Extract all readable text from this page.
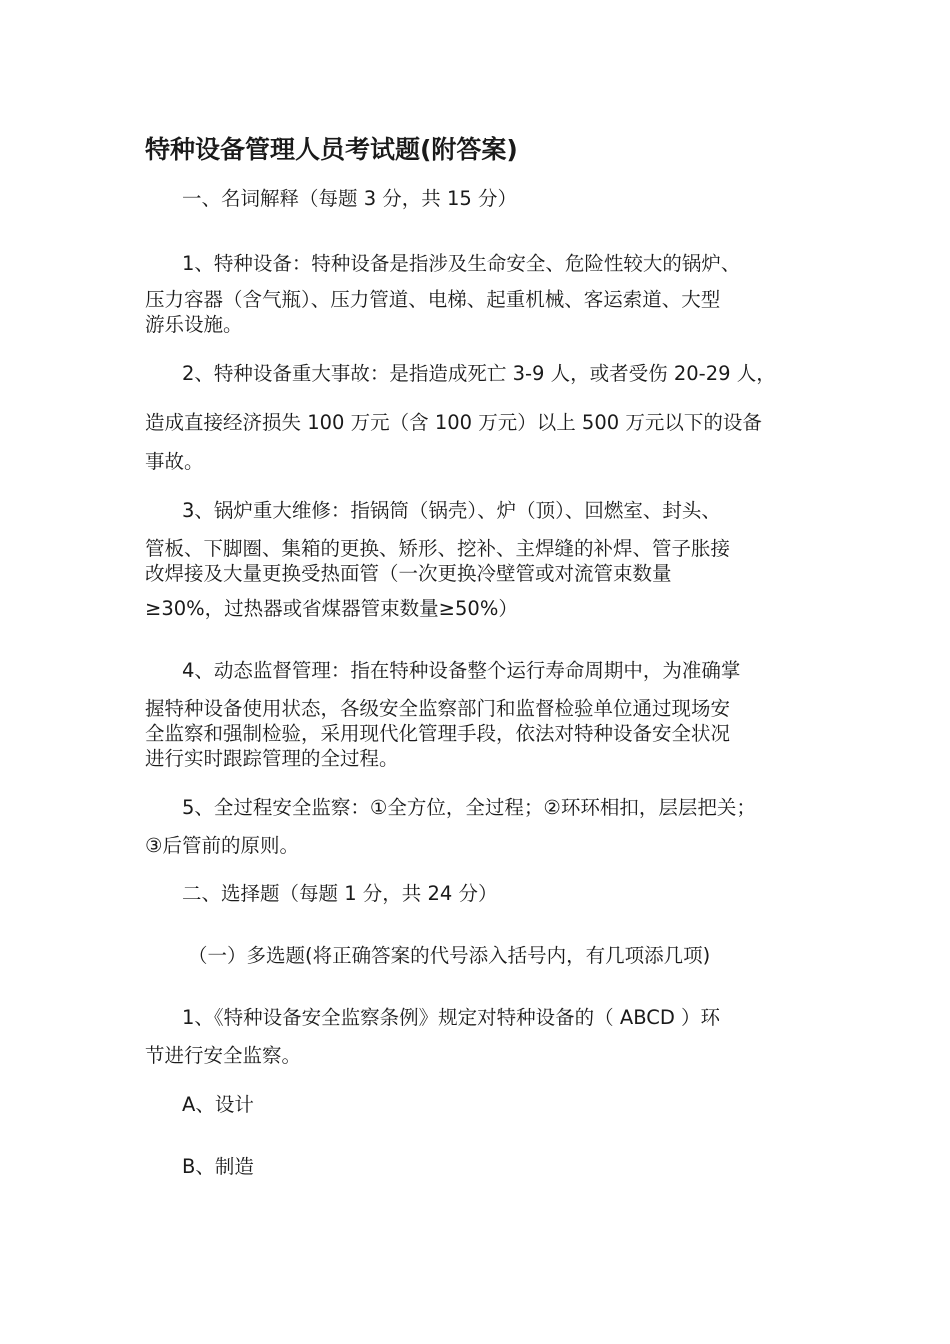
特种设备管理人员考试题(附答案)

一、名词解释（每题 3 分，共 15 分）

1、特种设备：特种设备是指涉及生命安全、危险性较大的锅炉、

压力容器（含气瓶）、压力管道、电梯、起重机械、客运索道、大型

游乐设施。

2、特种设备重大事故：是指造成死亡 3-9 人，或者受伤 20-29 人，

造成直接经济损失 100 万元（含 100 万元）以上 500 万元以下的设备

事故。

3、锅炉重大维修：指锅筒（锅壳）、炉（顶）、回燃室、封头、

管板、下脚圈、集箱的更换、矫形、挖补、主焊缝的补焊、管子胀接

改焊接及大量更换受热面管（一次更换冷壁管或对流管束数量

≥30%，过热器或省煤器管束数量≥50%）

4、动态监督管理：指在特种设备整个运行寿命周期中，为准确掌

握特种设备使用状态，各级安全监察部门和监督检验单位通过现场安

全监察和强制检验，采用现代化管理手段，依法对特种设备安全状况

进行实时跟踪管理的全过程。

5、全过程安全监察：①全方位，全过程；②环环相扣，层层把关；

③后管前的原则。

二、选择题（每题 1 分，共 24 分）

（一）多选题(将正确答案的代号添入括号内，有几项添几项)

1、《特种设备安全监察条例》规定对特种设备的（ ABCD ）环

节进行安全监察。

A、设计

B、制造
